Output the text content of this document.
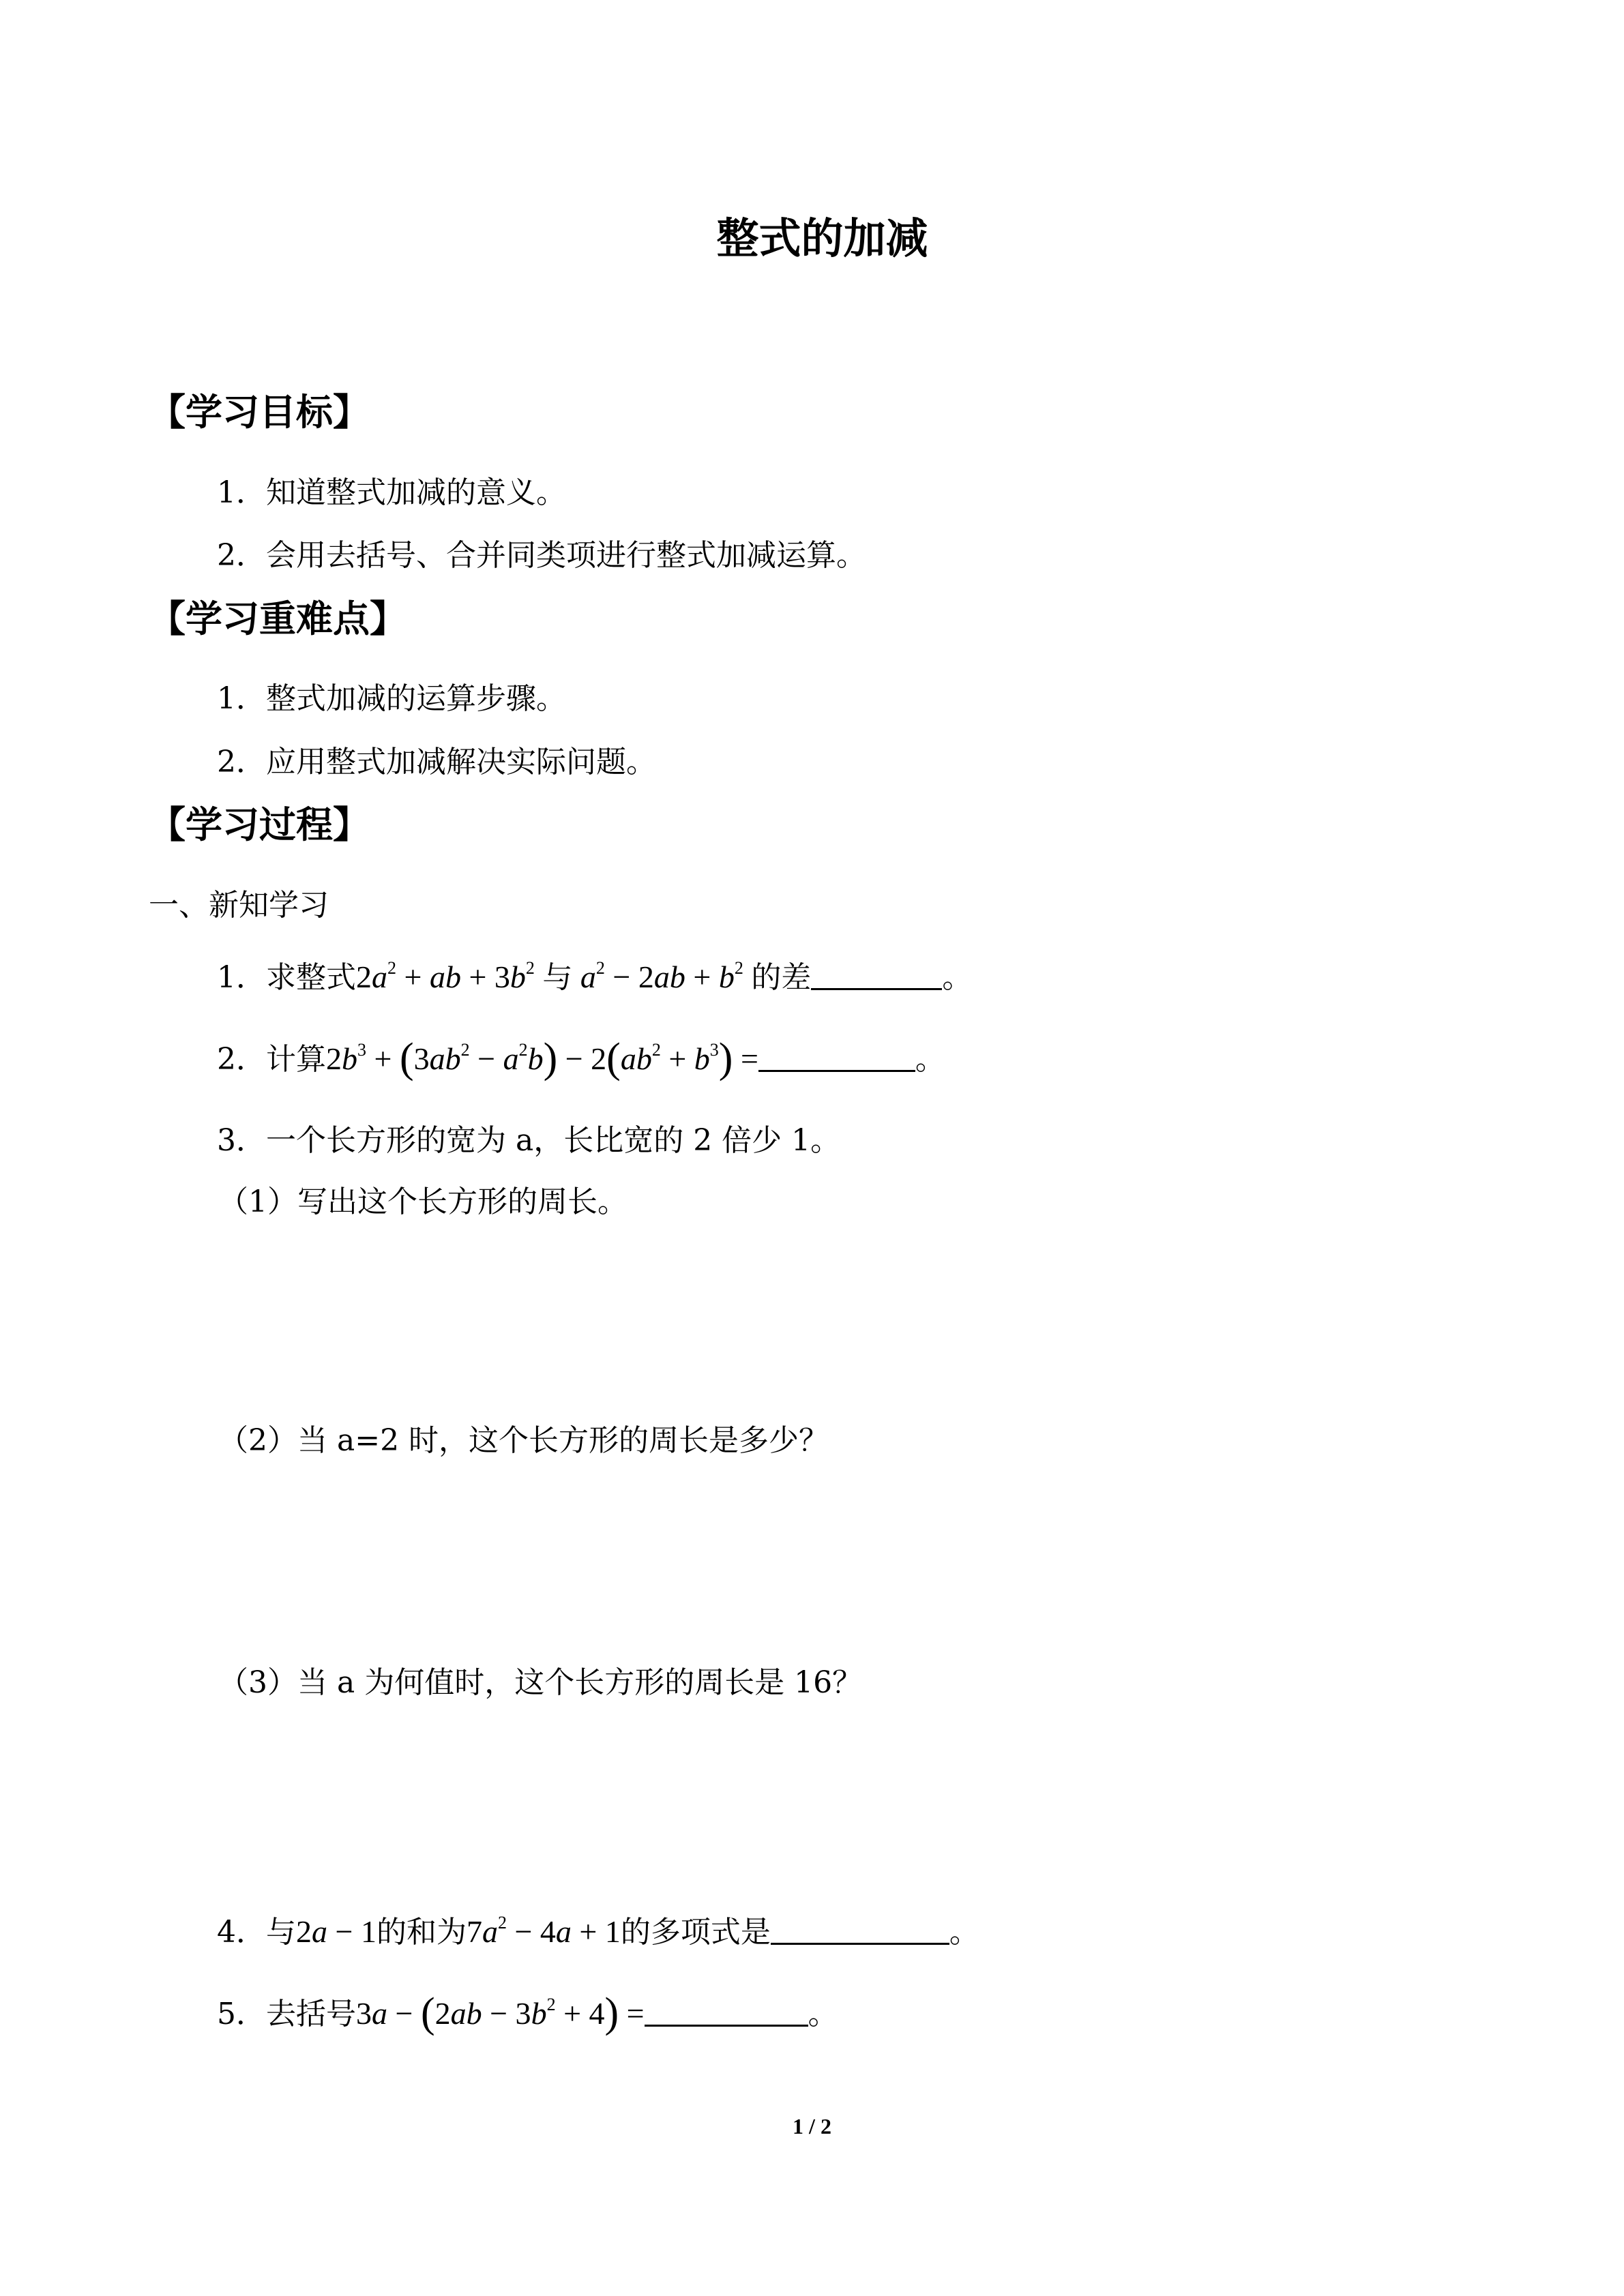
整式的加减
【学习目标】
1．知道整式加减的意义。
2．会用去括号、合并同类项进行整式加减运算。
【学习重难点】
1．整式加减的运算步骤。
2．应用整式加减解决实际问题。
【学习过程】
一、新知学习
1．求整式$2a^2$ + ab + $3b^2$ 与 $a^2 - 2ab + b^2$ 的差	。
2．计算$2b^3 + (3ab^2 - a^2b) - 2(ab^2 + b^3)$ =	。
3．一个长方形的宽为 a，长比宽的 2 倍少 1。
（1）写出这个长方形的周长。
（2）当 a=2 时，这个长方形的周长是多少？
（3）当 a 为何值时，这个长方形的周长是 16？
4．与2a − 1的和为$7a^2 - 4a + 1$的多项式是	。
5．去括号$3a - (2ab - 3b^2 + 4)$ =	。
1 / 2
